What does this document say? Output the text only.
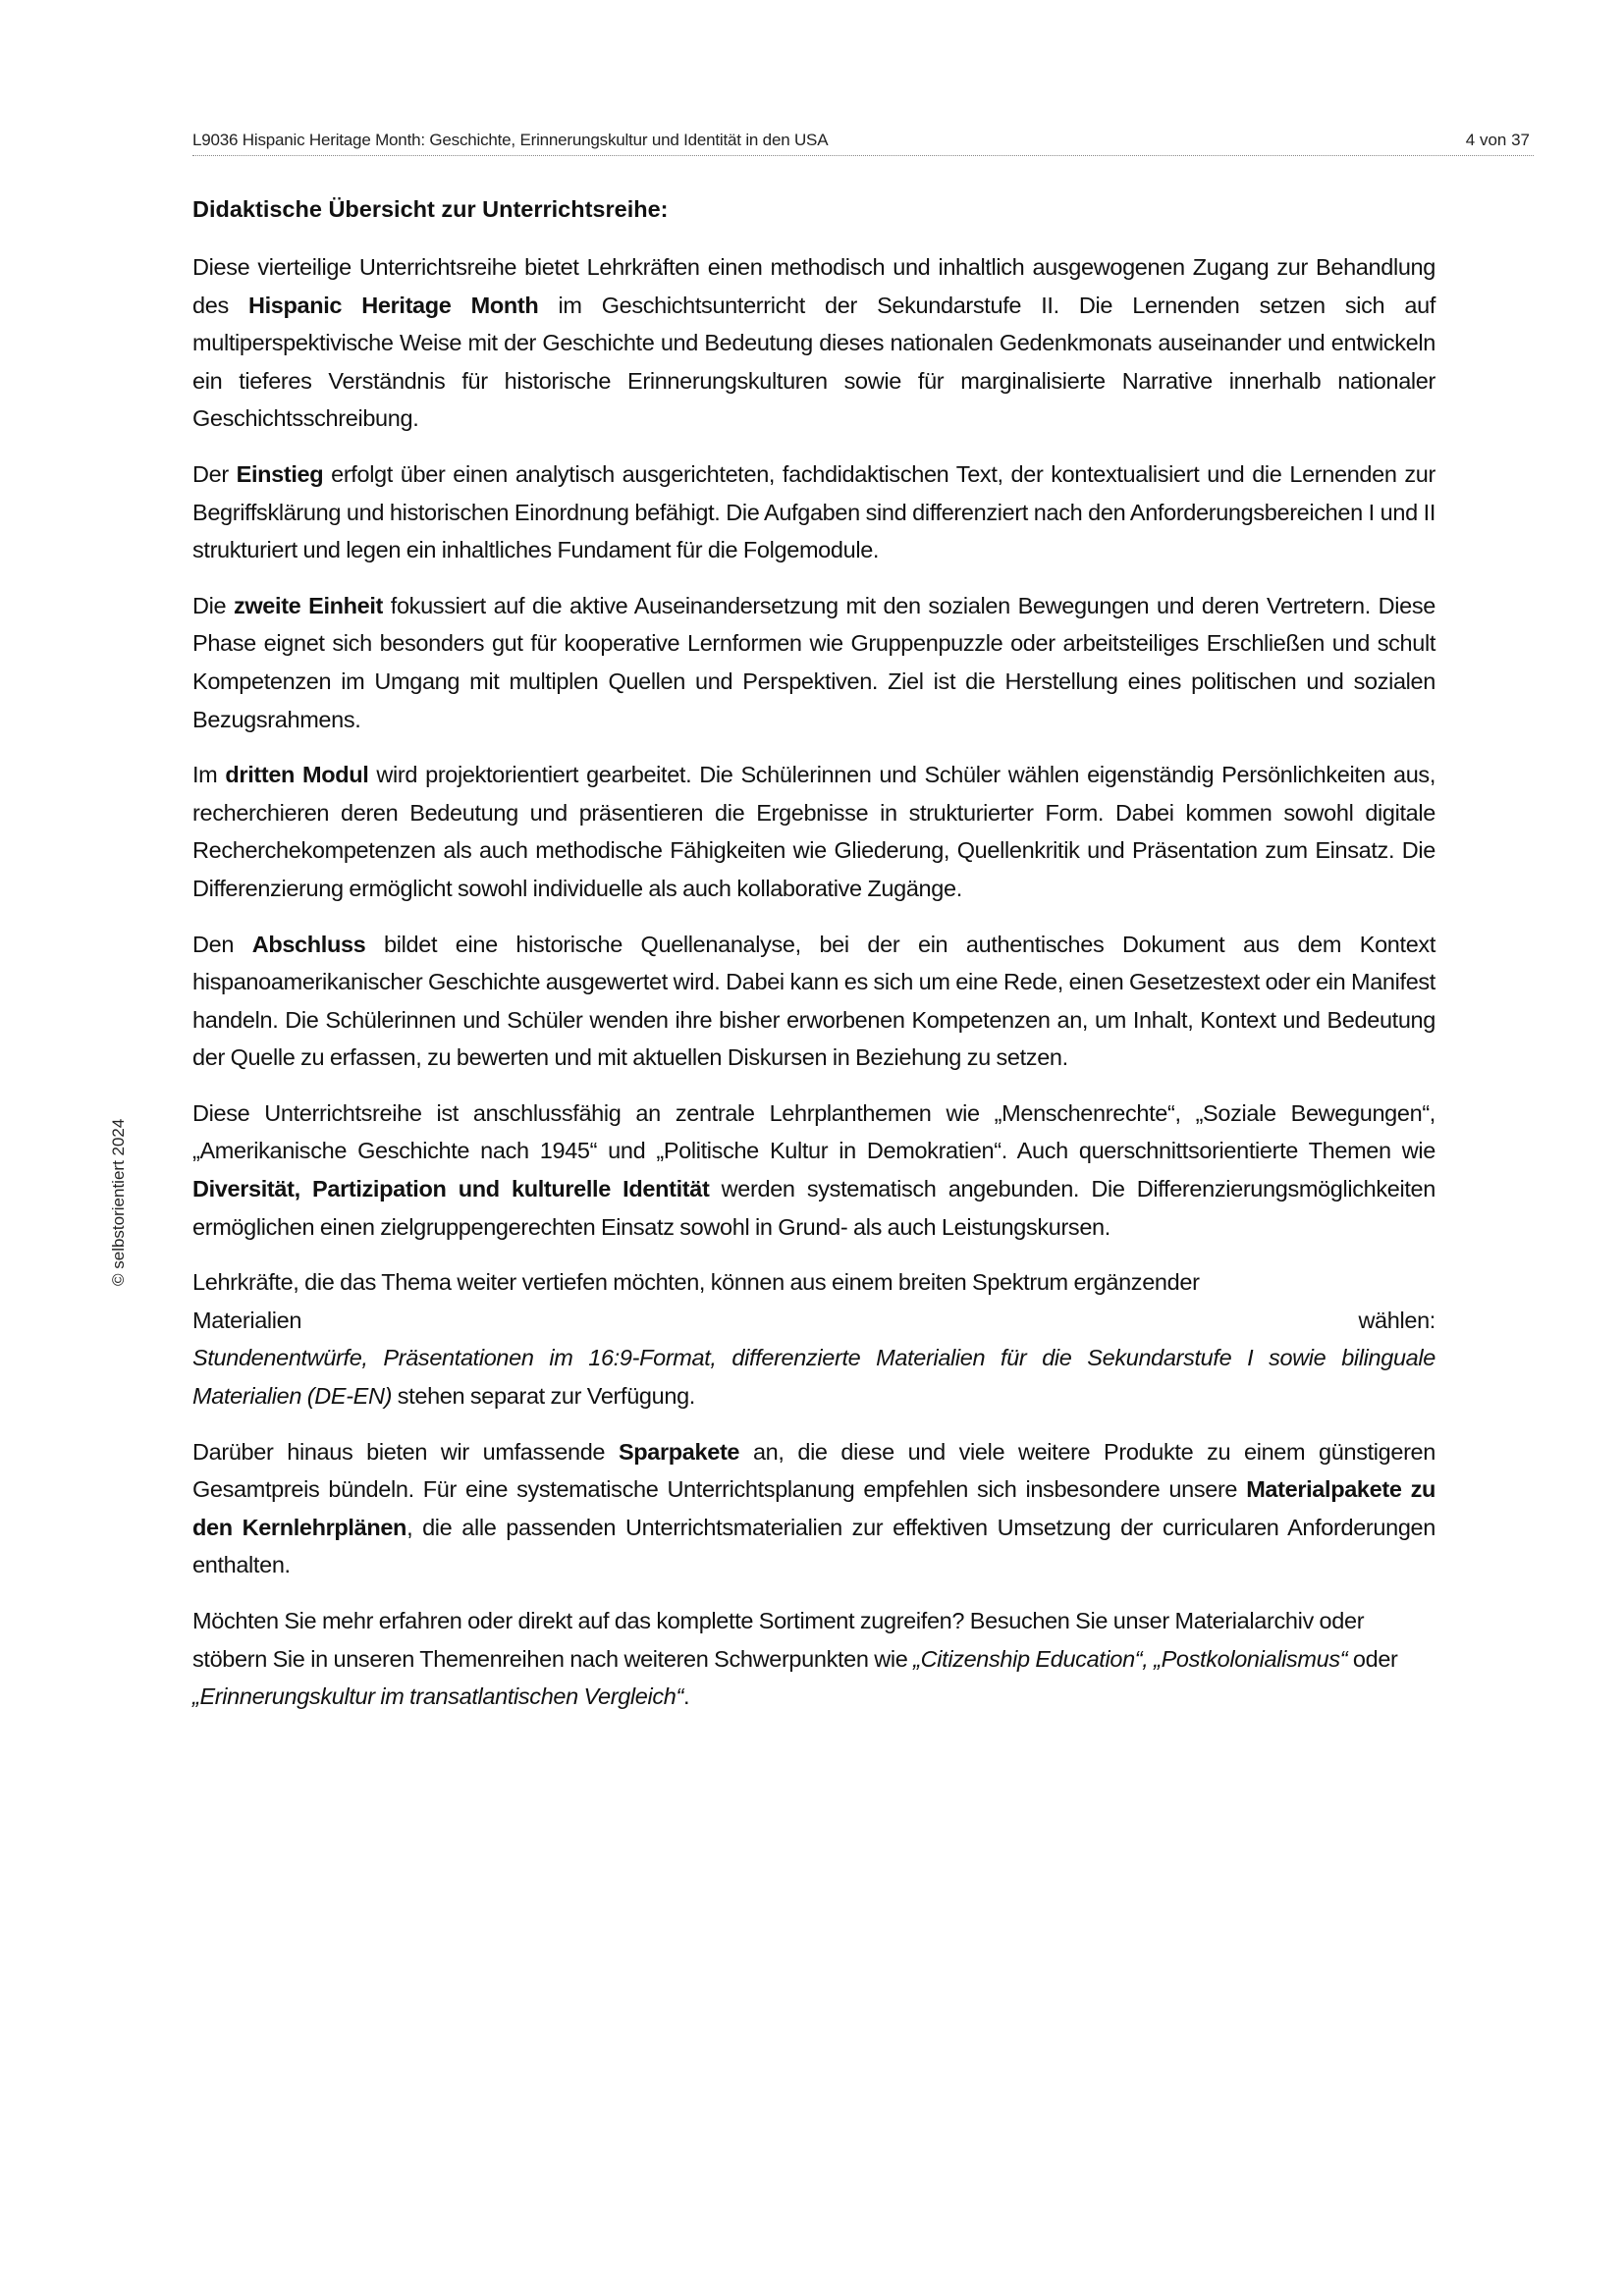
L9036 Hispanic Heritage Month: Geschichte, Erinnerungskultur und Identität in den USA	4 von 37
© selbstorientiert 2024
Didaktische Übersicht zur Unterrichtsreihe:

Diese vierteilige Unterrichtsreihe bietet Lehrkräften einen methodisch und inhaltlich ausgewogenen Zugang zur Behandlung des Hispanic Heritage Month im Geschichtsunterricht der Sekundarstufe II. Die Lernenden setzen sich auf multiperspektivische Weise mit der Geschichte und Bedeutung dieses nationalen Gedenkmonats auseinander und entwickeln ein tieferes Verständnis für historische Erinnerungskulturen sowie für marginalisierte Narrative innerhalb nationaler Geschichtsschreibung.

Der Einstieg erfolgt über einen analytisch ausgerichteten, fachdidaktischen Text, der kontextualisiert und die Lernenden zur Begriffsklärung und historischen Einordnung befähigt. Die Aufgaben sind differenziert nach den Anforderungsbereichen I und II strukturiert und legen ein inhaltliches Fundament für die Folgemodule.

Die zweite Einheit fokussiert auf die aktive Auseinandersetzung mit den sozialen Bewegungen und deren Vertretern. Diese Phase eignet sich besonders gut für kooperative Lernformen wie Gruppenpuzzle oder arbeitsteiliges Erschließen und schult Kompetenzen im Umgang mit multiplen Quellen und Perspektiven. Ziel ist die Herstellung eines politischen und sozialen Bezugsrahmens.

Im dritten Modul wird projektorientiert gearbeitet. Die Schülerinnen und Schüler wählen eigenständig Persönlichkeiten aus, recherchieren deren Bedeutung und präsentieren die Ergebnisse in strukturierter Form. Dabei kommen sowohl digitale Recherchekompetenzen als auch methodische Fähigkeiten wie Gliederung, Quellenkritik und Präsentation zum Einsatz. Die Differenzierung ermöglicht sowohl individuelle als auch kollaborative Zugänge.

Den Abschluss bildet eine historische Quellenanalyse, bei der ein authentisches Dokument aus dem Kontext hispanoamerikanischer Geschichte ausgewertet wird. Dabei kann es sich um eine Rede, einen Gesetzestext oder ein Manifest handeln. Die Schülerinnen und Schüler wenden ihre bisher erworbenen Kompetenzen an, um Inhalt, Kontext und Bedeutung der Quelle zu erfassen, zu bewerten und mit aktuellen Diskursen in Beziehung zu setzen.

Diese Unterrichtsreihe ist anschlussfähig an zentrale Lehrplanthemen wie „Menschenrechte“, „Soziale Bewegungen“, „Amerikanische Geschichte nach 1945“ und „Politische Kultur in Demokratien“. Auch querschnittsorientierte Themen wie Diversität, Partizipation und kulturelle Identität werden systematisch angebunden. Die Differenzierungsmöglichkeiten ermöglichen einen zielgruppengerechten Einsatz sowohl in Grund- als auch Leistungskursen.

Lehrkräfte, die das Thema weiter vertiefen möchten, können aus einem breiten Spektrum ergänzender
Materialien	wählen:
Stundenentwürfe, Präsentationen im 16:9-Format, differenzierte Materialien für die Sekundarstufe I sowie bilinguale Materialien (DE-EN) stehen separat zur Verfügung.

Darüber hinaus bieten wir umfassende Sparpakete an, die diese und viele weitere Produkte zu einem günstigeren Gesamtpreis bündeln. Für eine systematische Unterrichtsplanung empfehlen sich insbesondere unsere Materialpakete zu den Kernlehrplänen, die alle passenden Unterrichtsmaterialien zur effektiven Umsetzung der curricularen Anforderungen enthalten.

Möchten Sie mehr erfahren oder direkt auf das komplette Sortiment zugreifen? Besuchen Sie unser Materialarchiv oder stöbern Sie in unseren Themenreihen nach weiteren Schwerpunkten wie „Citizenship Education“, „Postkolonialismus“ oder „Erinnerungskultur im transatlantischen Vergleich“.
